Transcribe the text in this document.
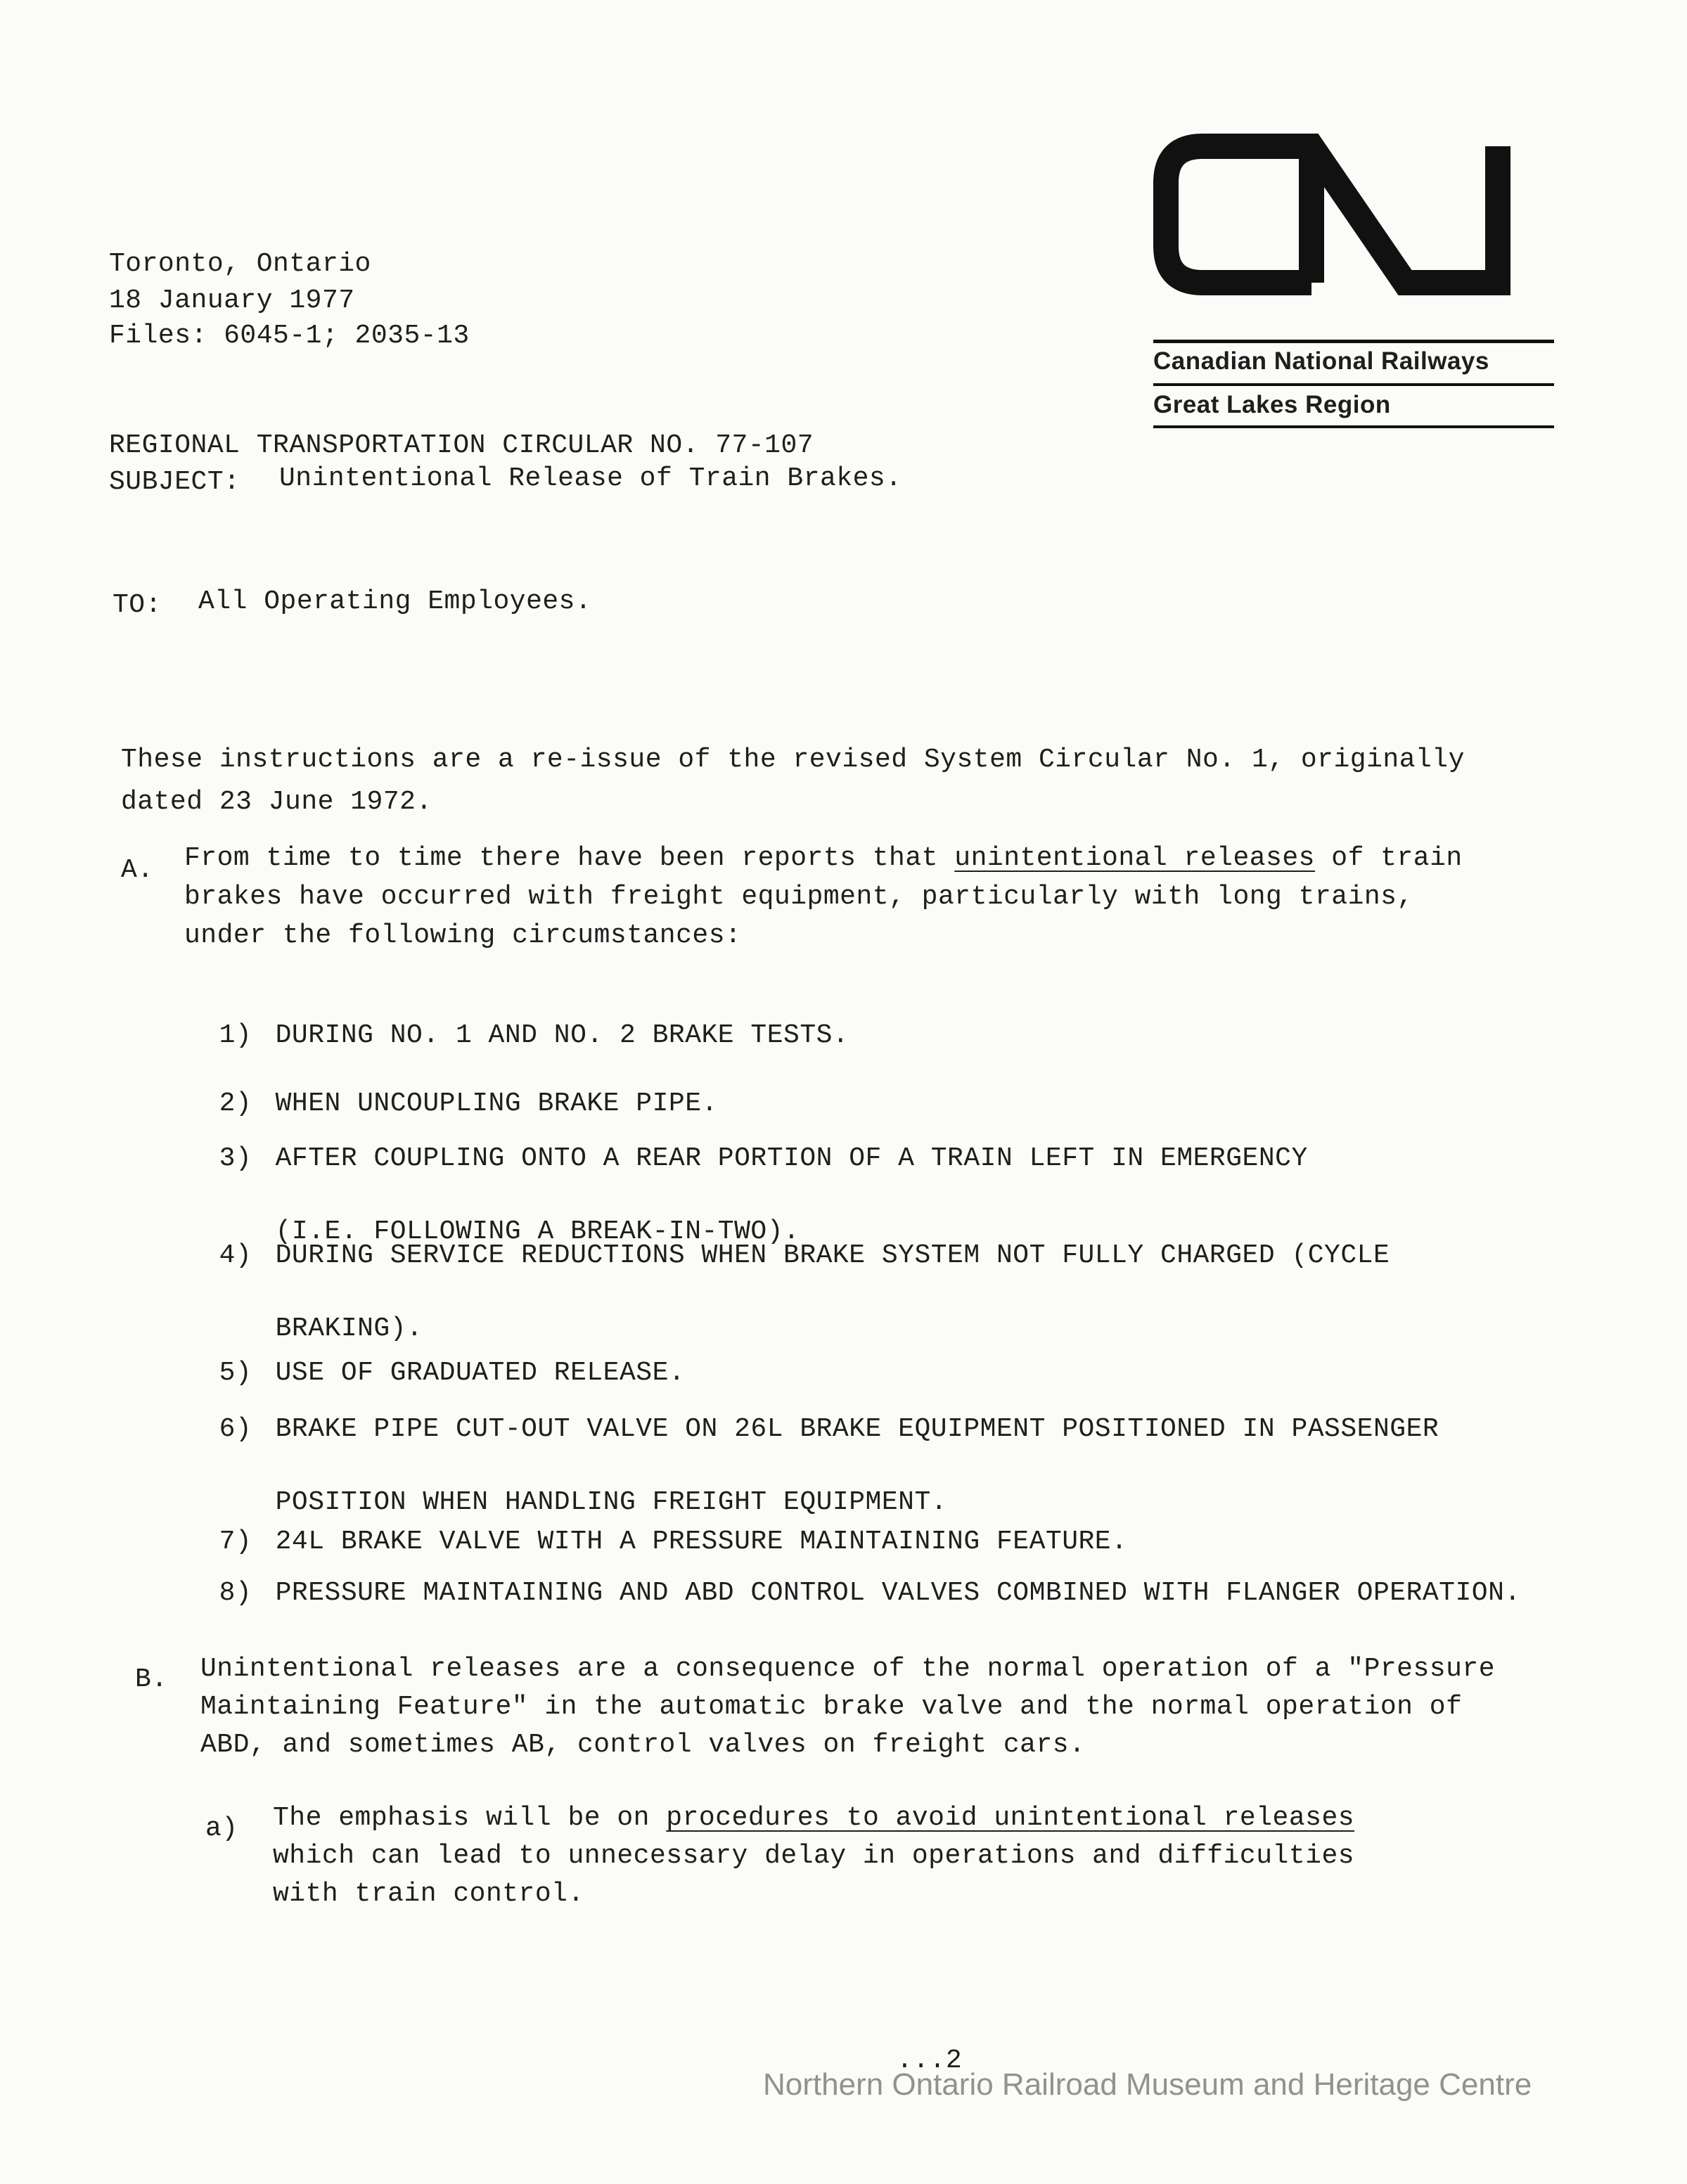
Toronto, Ontario
18 January 1977
Files: 6045-1; 2035-13
Canadian National Railways
Great Lakes Region
REGIONAL TRANSPORTATION CIRCULAR NO. 77-107
SUBJECT: Unintentional Release of Train Brakes.
TO: All Operating Employees.
These instructions are a re-issue of the revised System Circular No. 1, originally
dated 23 June 1972.
A. From time to time there have been reports that unintentional releases of train
brakes have occurred with freight equipment, particularly with long trains,
under the following circumstances:

1) DURING NO. 1 AND NO. 2 BRAKE TESTS.

2) WHEN UNCOUPLING BRAKE PIPE.

3) AFTER COUPLING ONTO A REAR PORTION OF A TRAIN LEFT IN EMERGENCY

(I.E. FOLLOWING A BREAK-IN-TWO).

4) DURING SERVICE REDUCTIONS WHEN BRAKE SYSTEM NOT FULLY CHARGED (CYCLE

BRAKING).

5) USE OF GRADUATED RELEASE.

6) BRAKE PIPE CUT-OUT VALVE ON 26L BRAKE EQUIPMENT POSITIONED IN PASSENGER

POSITION WHEN HANDLING FREIGHT EQUIPMENT.

7) 24L BRAKE VALVE WITH A PRESSURE MAINTAINING FEATURE.

8) PRESSURE MAINTAINING AND ABD CONTROL VALVES COMBINED WITH FLANGER OPERATION.

B. Unintentional releases are a consequence of the normal operation of a "Pressure
Maintaining Feature" in the automatic brake valve and the normal operation of
ABD, and sometimes AB, control valves on freight cars.
a) The emphasis will be on procedures to avoid unintentional releases
which can lead to unnecessary delay in operations and difficulties
with train control.
...2
Northern Ontario Railroad Museum and Heritage Centre
